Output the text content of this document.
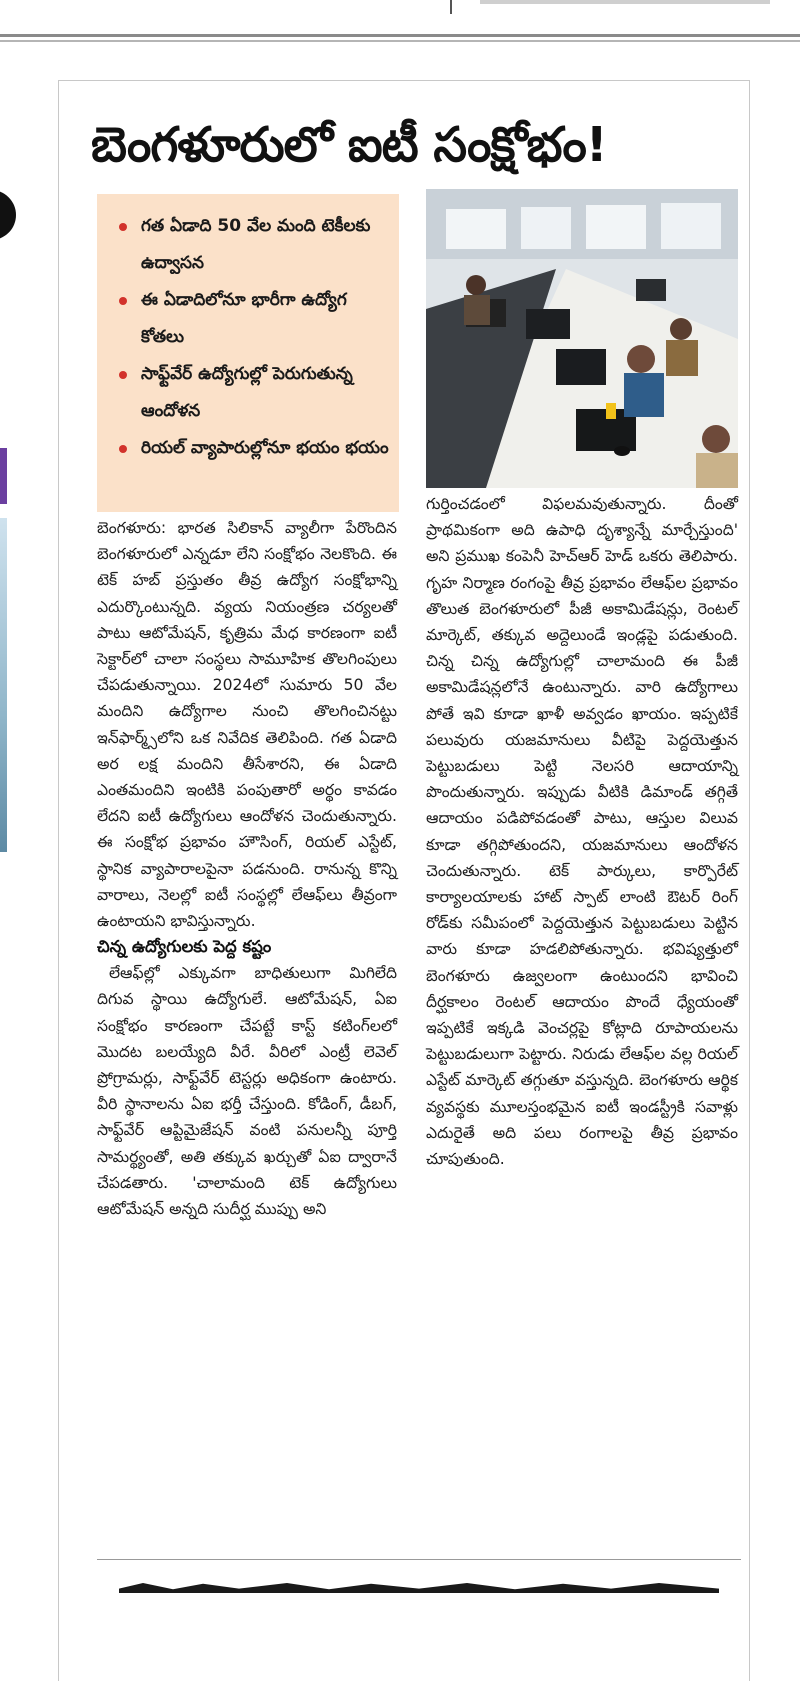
బెంగళూరులో ఐటీ సంక్షోభం!
గత ఏడాది 50 వేల మంది టెకీలకు ఉద్వాసన
ఈ ఏడాదిలోనూ భారీగా ఉద్యోగ కోతలు
సాఫ్ట్‌వేర్ ఉద్యోగుల్లో పెరుగుతున్న ఆందోళన
రియల్ వ్యాపారుల్లోనూ భయం భయం

బెంగళూరు: భారత సిలికాన్ వ్యాలీగా పేరొందిన బెంగళూరులో ఎన్నడూ లేని సంక్షోభం నెలకొంది. ఈ టెక్ హబ్ ప్రస్తుతం తీవ్ర ఉద్యోగ సంక్షోభాన్ని ఎదుర్కొంటున్నది. వ్యయ నియంత్రణ చర్యలతో పాటు ఆటోమేషన్, కృత్రిమ మేధ కారణంగా ఐటీ సెక్టార్‌లో చాలా సంస్థలు సామూహిక తొలగింపులు చేపడుతున్నాయి. 2024లో సుమారు 50 వేల మందిని ఉద్యోగాల నుంచి తొలగించినట్టు ఇన్‌ఫార్మ్స్‌లోని ఒక నివేదిక తెలిపింది. గత ఏడాది అర లక్ష మందిని తీసేశారని, ఈ ఏడాది ఎంతమందిని ఇంటికి పంపుతారో అర్థం కావడం లేదని ఐటీ ఉద్యోగులు ఆందోళన చెందుతున్నారు. ఈ సంక్షోభ ప్రభావం హౌసింగ్, రియల్ ఎస్టేట్, స్థానిక వ్యాపారాలపైనా పడనుంది. రానున్న కొన్ని వారాలు, నెలల్లో ఐటీ సంస్థల్లో లేఆఫ్‌లు తీవ్రంగా ఉంటాయని భావిస్తున్నారు.

చిన్న ఉద్యోగులకు పెద్ద కష్టం

లేఆఫ్‌ల్లో ఎక్కువగా బాధితులుగా మిగిలేది దిగువ స్థాయి ఉద్యోగులే. ఆటోమేషన్, ఏఐ సంక్షోభం కారణంగా చేపట్టే కాస్ట్ కటింగ్‌లలో మొదట బలయ్యేది వీరే. వీరిలో ఎంట్రీ లెవెల్ ప్రోగ్రామర్లు, సాఫ్ట్‌వేర్ టెస్టర్లు అధికంగా ఉంటారు. వీరి స్థానాలను ఏఐ భర్తీ చేస్తుంది. కోడింగ్, డీబగ్, సాఫ్ట్‌వేర్ ఆప్టిమైజేషన్ వంటి పనులన్నీ పూర్తి సామర్థ్యంతో, అతి తక్కువ ఖర్చుతో ఏఐ ద్వారానే చేపడతారు. 'చాలామంది టెక్ ఉద్యోగులు ఆటోమేషన్ అన్నది సుదీర్ఘ ముప్పు అని

గుర్తించడంలో విఫలమవుతున్నారు. దీంతో ప్రాథమికంగా అది ఉపాధి దృశ్యాన్నే మార్చేస్తుంది' అని ప్రముఖ కంపెనీ హెచ్ఆర్ హెడ్ ఒకరు తెలిపారు. గృహ నిర్మాణ రంగంపై తీవ్ర ప్రభావం లేఆఫ్‌ల ప్రభావం తొలుత బెంగళూరులో పీజీ అకామిడేషన్లు, రెంటల్ మార్కెట్, తక్కువ అద్దెలుండే ఇండ్లపై పడుతుంది. చిన్న చిన్న ఉద్యోగుల్లో చాలామంది ఈ పీజీ అకామిడేషన్లలోనే ఉంటున్నారు. వారి ఉద్యోగాలు పోతే ఇవి కూడా ఖాళీ అవ్వడం ఖాయం. ఇప్పటికే పలువురు యజమానులు వీటిపై పెద్దయెత్తున పెట్టుబడులు పెట్టి నెలసరి ఆదాయాన్ని పొందుతున్నారు. ఇప్పుడు వీటికి డిమాండ్ తగ్గితే ఆదాయం పడిపోవడంతో పాటు, ఆస్తుల విలువ కూడా తగ్గిపోతుందని, యజమానులు ఆందోళన చెందుతున్నారు. టెక్ పార్కులు, కార్పొరేట్ కార్యాలయాలకు హాట్ స్పాట్ లాంటి ఔటర్ రింగ్ రోడ్‌కు సమీపంలో పెద్దయెత్తున పెట్టుబడులు పెట్టిన వారు కూడా హడలిపోతున్నారు. భవిష్యత్తులో బెంగళూరు ఉజ్వలంగా ఉంటుందని భావించి దీర్ఘకాలం రెంటల్ ఆదాయం పొందే ధ్యేయంతో ఇప్పటికే ఇక్కడి వెంచర్లపై కోట్లాది రూపాయలను పెట్టుబడులుగా పెట్టారు. నిరుడు లేఆఫ్‌ల వల్ల రియల్ ఎస్టేట్ మార్కెట్ తగ్గుతూ వస్తున్నది. బెంగళూరు ఆర్థిక వ్యవస్థకు మూలస్తంభమైన ఐటీ ఇండస్ట్రీకి సవాళ్లు ఎదురైతే అది పలు రంగాలపై తీవ్ర ప్రభావం చూపుతుంది.
